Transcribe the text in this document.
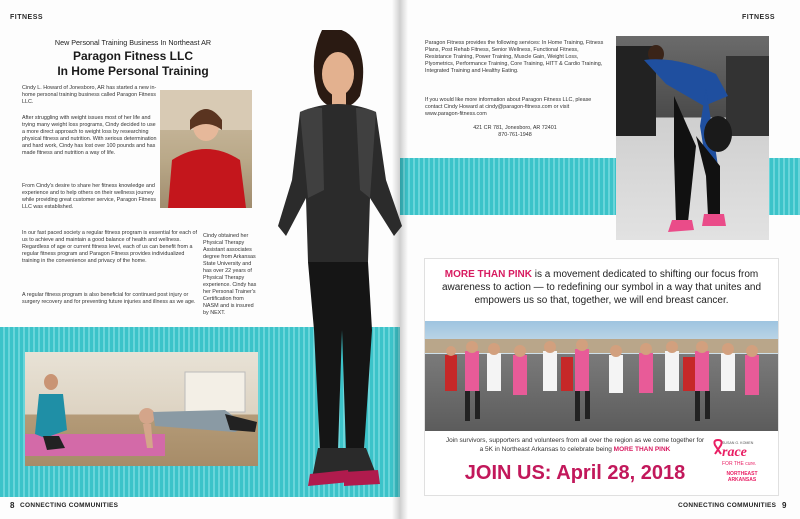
FITNESS
New Personal Training Business In Northeast AR
Paragon Fitness LLC
In Home Personal Training
Cindy L. Howard of Jonesboro, AR has started a new in-home personal training business called Paragon Fitness LLC.
After struggling with weight issues most of her life and trying many weight loss programs, Cindy decided to use a more direct approach to weight loss by researching physical fitness and nutrition. With serious determination and hard work, Cindy has lost over 100 pounds and has made fitness and nutrition a way of life.
From Cindy's desire to share her fitness knowledge and experience and to help others on their wellness journey while providing great customer service, Paragon Fitness LLC was established.
In our fast paced society a regular fitness program is essential for each of us to achieve and maintain a good balance of health and wellness. Regardless of age or current fitness level, each of us can benefit from a regular fitness program and Paragon Fitness provides individualized training in the convenience and privacy of the home.
A regular fitness program is also beneficial for continued post injury or surgery recovery and for preventing future injuries and illness as we age.
Cindy obtained her Physical Therapy Assistant associates degree from Arkansas State University and has over 22 years of Physical Therapy experience. Cindy has her Personal Trainer's Certification from NASM and is insured by NEXT.
8 CONNECTING COMMUNITIES
FITNESS
Paragon Fitness provides the following services: In Home Training, Fitness Plans, Post Rehab Fitness, Senior Wellness, Functional Fitness, Resistance Training, Power Training, Muscle Gain, Weight Loss, Plyometrics, Performance Training, Core Training, HITT & Cardio Training, Integrated Training and Healthy Eating.
If you would like more information about Paragon Fitness LLC, please contact Cindy Howard at cindy@paragon-fitness.com or visit www.paragon-fitness.com
421 CR 781, Jonesboro, AR 72401
870-761-1948
MORE THAN PINK is a movement dedicated to shifting our focus from awareness to action — to redefining our symbol in a way that unites and empowers us so that, together, we will end breast cancer.
Join survivors, supporters and volunteers from all over the region as we come together for a 5K in Northeast Arkansas to celebrate being MORE THAN PINK
JOIN US: April 28, 2018
SUSAN G. KOMEN
race
FOR THE cure.
NORTHEAST
ARKANSAS
CONNECTING COMMUNITIES 9
